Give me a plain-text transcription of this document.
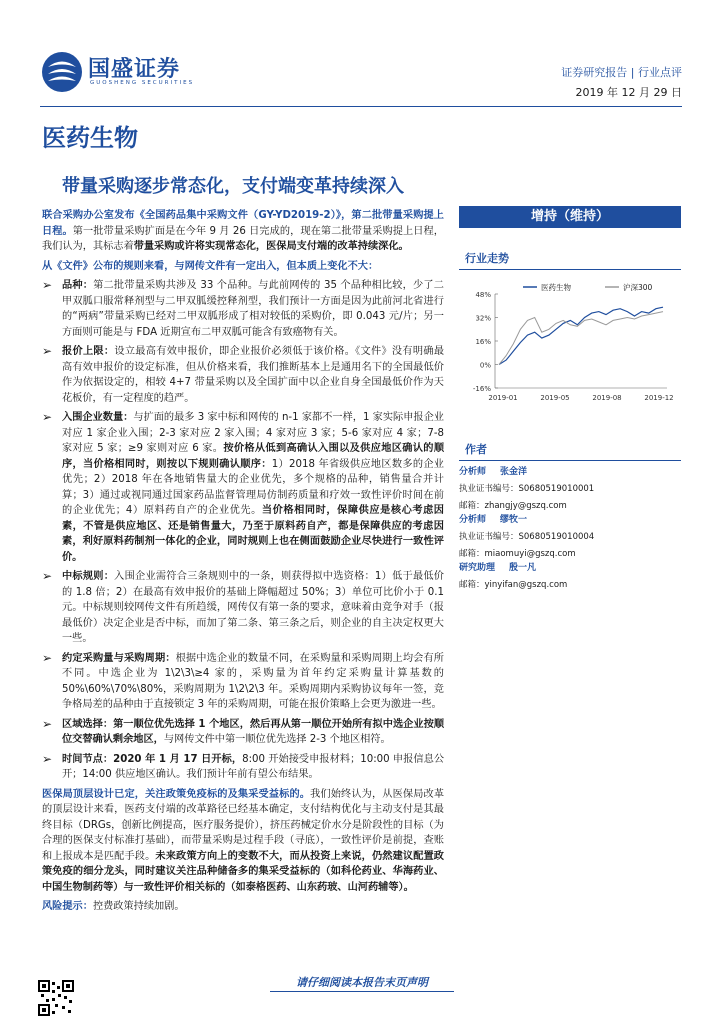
国盛证券
GUOSHENG SECURITIES
证券研究报告 | 行业点评
2019 年 12 月 29 日
医药生物
带量采购逐步常态化，支付端变革持续深入

联合采购办公室发布《全国药品集中采购文件（GY-YD2019-2）》，第二批带量采购提上日程。第一批带量采购扩面是在今年 9 月 26 日完成的，现在第二批带量采购提上日程，我们认为，其标志着带量采购或许将实现常态化，医保局支付端的改革持续深化。

从《文件》公布的规则来看，与网传文件有一定出入，但本质上变化不大：

➢ 品种：第二批带量采购共涉及 33 个品种。与此前网传的 35 个品种相比较，少了二甲双胍口服常释剂型与二甲双胍缓控释剂型，我们预计一方面是因为此前河北省进行的“两病”带量采购已经对二甲双胍形成了相对较低的采购价，即 0.043 元/片；另一方面则可能是与 FDA 近期宣布二甲双胍可能含有致癌物有关。
➢ 报价上限：设立最高有效申报价，即企业报价必须低于该价格。《文件》没有明确最高有效申报价的设定标准，但从价格来看，我们推断基本上是通用名下的全国最低价作为依据设定的，相较 4+7 带量采购以及全国扩面中以企业自身全国最低价作为天花板价，有一定程度的趋严。
➢ 入围企业数量：与扩面的最多 3 家中标和网传的 n-1 家都不一样，1 家实际申报企业对应 1 家企业入围；2-3 家对应 2 家入围；4 家对应 3 家；5-6 家对应 4 家；7-8 家对应 5 家；≥9 家则对应 6 家。按价格从低到高确认入围以及供应地区确认的顺序，当价格相同时，则按以下规则确认顺序：1）2018 年省级供应地区数多的企业优先；2）2018 年在各地销售量大的企业优先，多个规格的品种，销售量合并计算；3）通过或视同通过国家药品监督管理局仿制药质量和疗效一致性评价时间在前的企业优先；4）原料药自产的企业优先。当价格相同时，保障供应是核心考虑因素，不管是供应地区、还是销售量大，乃至于原料药自产，都是保障供应的考虑因素，利好原料药制剂一体化的企业，同时规则上也在侧面鼓励企业尽快进行一致性评价。
➢ 中标规则：入围企业需符合三条规则中的一条，则获得拟中选资格：1）低于最低价的 1.8 倍；2）在最高有效申报价的基础上降幅超过 50%；3）单位可比价小于 0.1 元。中标规则较网传文件有所趋缓，网传仅有第一条的要求，意味着由竞争对手（报最低价）决定企业是否中标，而加了第二条、第三条之后，则企业的自主决定权更大一些。
➢ 约定采购量与采购周期：根据中选企业的数量不同，在采购量和采购周期上均会有所不同。中选企业为 1\2\3\≥4 家的，采购量为首年约定采购量计算基数的 50%\60%\70%\80%，采购周期为 1\2\2\3 年。采购周期内采购协议每年一签，竞争格局差的品种由于直接锁定 3 年的采购周期，可能在报价策略上会更为激进一些。
➢ 区域选择：第一顺位优先选择 1 个地区，然后再从第一顺位开始所有拟中选企业按顺位交替确认剩余地区，与网传文件中第一顺位优先选择 2-3 个地区相符。
➢ 时间节点：2020 年 1 月 17 日开标，8:00 开始接受申报材料；10:00 申报信息公开；14:00 供应地区确认。我们预计年前有望公布结果。

医保局顶层设计已定，关注政策免疫标的及集采受益标的。我们始终认为，从医保局改革的顶层设计来看，医药支付端的改革路径已经基本确定，支付结构优化与主动支付是其最终目标（DRGs，创新比例提高，医疗服务提价），挤压药械定价水分是阶段性的目标（为合理的医保支付标准打基础），而带量采购是过程手段（寻底），一致性评价是前提，查账和上报成本是匹配手段。未来政策方向上的变数不大，而从投资上来说，仍然建议配置政策免疫的细分龙头，同时建议关注品种储备多的集采受益标的（如科伦药业、华海药业、中国生物制药等）与一致性评价相关标的（如泰格医药、山东药玻、山河药辅等）。

风险提示：控费政策持续加剧。

增持（维持）
行业走势
48%
32%
16%
0%
-16%
2019-01	2019-05	2019-08	2019-12
医药生物	沪深300
作者
分析师 张金洋
执业证书编号：S0680519010001
邮箱：zhangjy@gszq.com
分析师 缪牧一
执业证书编号：S0680519010004
邮箱：miaomuyi@gszq.com
研究助理 殷一凡
邮箱：yinyifan@gszq.com
请仔细阅读本报告末页声明
